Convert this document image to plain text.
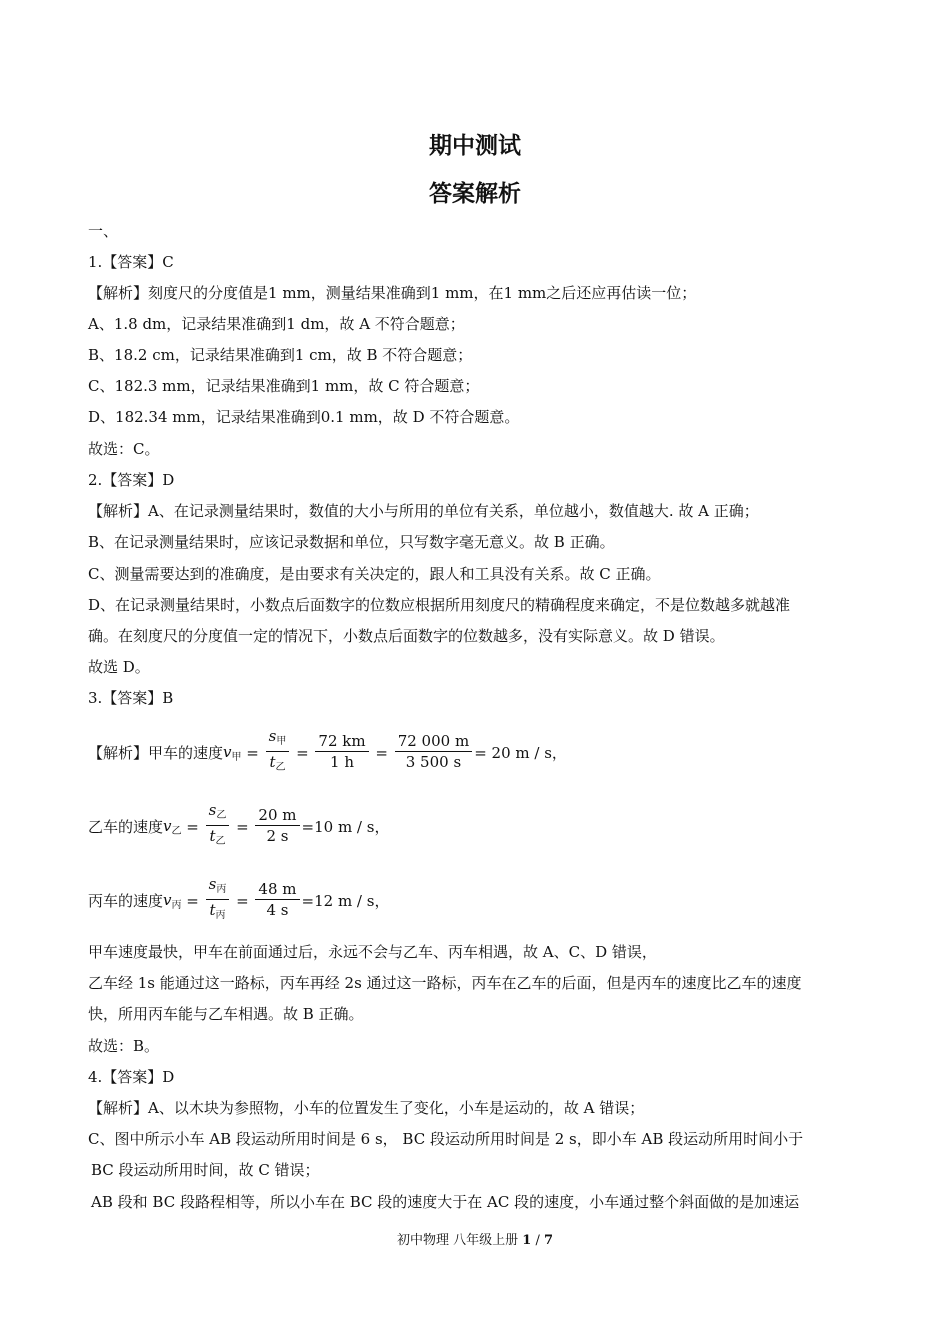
期中测试
答案解析
一、
1.【答案】C
【解析】刻度尺的分度值是1 mm，测量结果准确到1 mm，在1 mm之后还应再估读一位；
A、1.8 dm，记录结果准确到1 dm，故 A 不符合题意；
B、18.2 cm，记录结果准确到1 cm，故 B 不符合题意；
C、182.3 mm，记录结果准确到1 mm，故 C 符合题意；
D、182.34 mm，记录结果准确到0.1 mm，故 D 不符合题意。
故选：C。
2.【答案】D
【解析】A、在记录测量结果时，数值的大小与所用的单位有关系，单位越小，数值越大. 故 A 正确；
B、在记录测量结果时，应该记录数据和单位，只写数字毫无意义。故 B 正确。
C、测量需要达到的准确度，是由要求有关决定的，跟人和工具没有关系。故 C 正确。
D、在记录测量结果时，小数点后面数字的位数应根据所用刻度尺的精确程度来确定，不是位数越多就越准
确。在刻度尺的分度值一定的情况下，小数点后面数字的位数越多，没有实际意义。故 D 错误。
故选 D。
3.【答案】B
【解析】甲车的速度 $v_甲 = \frac{s_甲}{t_乙} = \frac{72 km}{1 h} = \frac{72 000 m}{3 500 s} = 20$ m / s，
乙车的速度 $v_乙 = \frac{s_乙}{t_乙} = \frac{20 m}{2 s} =10$ m / s，
丙车的速度 $v_丙 = \frac{s_丙}{t_丙} = \frac{48 m}{4 s} =12$ m / s，
甲车速度最快，甲车在前面通过后，永远不会与乙车、丙车相遇，故 A、C、D 错误，
乙车经 1s 能通过这一路标，丙车再经 2s 通过这一路标，丙车在乙车的后面，但是丙车的速度比乙车的速度
快，所用丙车能与乙车相遇。故 B 正确。
故选：B。
4.【答案】D
【解析】A、以木块为参照物，小车的位置发生了变化，小车是运动的，故 A 错误；
C、图中所示小车 AB 段运动所用时间是 6 s， BC 段运动所用时间是 2 s，即小车 AB 段运动所用时间小于
BC 段运动所用时间，故 C 错误；
AB 段和 BC 段路程相等，所以小车在 BC 段的速度大于在 AC 段的速度，小车通过整个斜面做的是加速运
初中物理 八年级上册 1 / 7
